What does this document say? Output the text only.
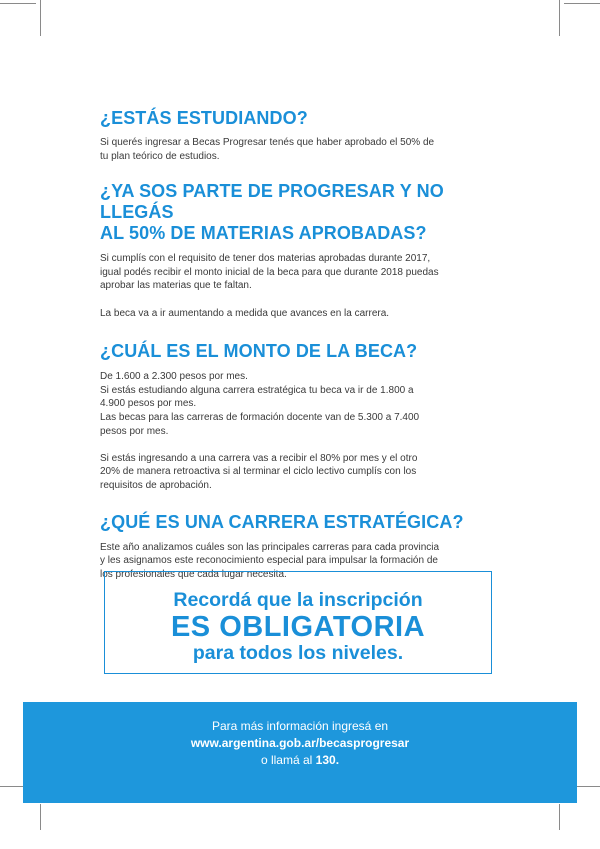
¿ESTÁS ESTUDIANDO?

Si querés ingresar a Becas Progresar tenés que haber aprobado el 50% de
tu plan teórico de estudios.

¿YA SOS PARTE DE PROGRESAR Y NO LLEGÁS
AL 50% DE MATERIAS APROBADAS?

Si cumplís con el requisito de tener dos materias aprobadas durante 2017,
igual podés recibir el monto inicial de la beca para que durante 2018 puedas
aprobar las materias que te faltan.

La beca va a ir aumentando a medida que avances en la carrera.

¿CUÁL ES EL MONTO DE LA BECA?

De 1.600 a 2.300 pesos por mes.
Si estás estudiando alguna carrera estratégica tu beca va ir de 1.800 a
4.900 pesos por mes.
Las becas para las carreras de formación docente van de 5.300 a 7.400
pesos por mes.

Si estás ingresando a una carrera vas a recibir el 80% por mes y el otro
20% de manera retroactiva si al terminar el ciclo lectivo cumplís con los
requisitos de aprobación.

¿QUÉ ES UNA CARRERA ESTRATÉGICA?

Este año analizamos cuáles son las principales carreras para cada provincia
y les asignamos este reconocimiento especial para impulsar la formación de
los profesionales que cada lugar necesita.

Recordá que la inscripción
ES OBLIGATORIA
para todos los niveles.
Para más información ingresá en
www.argentina.gob.ar/becasprogresar
o llamá al 130.
